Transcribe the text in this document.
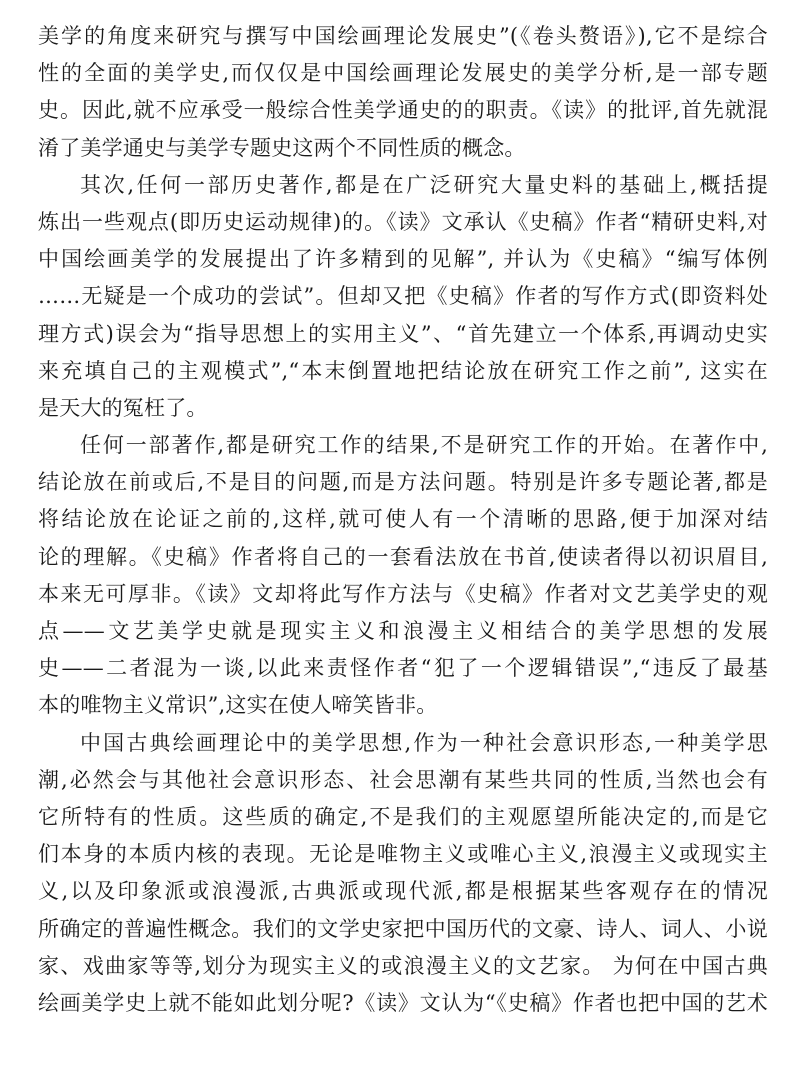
美学的角度来研究与撰写中国绘画理论发展史”(《卷头赘语》),它不是综合
性的全面的美学史,而仅仅是中国绘画理论发展史的美学分析,是一部专题
史。因此,就不应承受一般综合性美学通史的的职责。《读》的批评,首先就混
淆了美学通史与美学专题史这两个不同性质的概念。
其次,任何一部历史著作,都是在广泛研究大量史料的基础上,概括提
炼出一些观点(即历史运动规律)的。《读》文承认《史稿》作者“精研史料,对
中国绘画美学的发展提出了许多精到的见解”, 并认为《史稿》“编写体例
……无疑是一个成功的尝试”。但却又把《史稿》作者的写作方式(即资料处
理方式)误会为“指导思想上的实用主义”、“首先建立一个体系,再调动史实
来充填自己的主观模式”,“本末倒置地把结论放在研究工作之前”, 这实在
是天大的冤枉了。
任何一部著作,都是研究工作的结果,不是研究工作的开始。在著作中,
结论放在前或后,不是目的问题,而是方法问题。特别是许多专题论著,都是
将结论放在论证之前的,这样,就可使人有一个清晰的思路,便于加深对结
论的理解。《史稿》作者将自己的一套看法放在书首,使读者得以初识眉目,
本来无可厚非。《读》文却将此写作方法与《史稿》作者对文艺美学史的观
点——文艺美学史就是现实主义和浪漫主义相结合的美学思想的发展
史——二者混为一谈,以此来责怪作者“犯了一个逻辑错误”,“违反了最基
本的唯物主义常识”,这实在使人啼笑皆非。
中国古典绘画理论中的美学思想,作为一种社会意识形态,一种美学思
潮,必然会与其他社会意识形态、社会思潮有某些共同的性质,当然也会有
它所特有的性质。这些质的确定,不是我们的主观愿望所能决定的,而是它
们本身的本质内核的表现。无论是唯物主义或唯心主义,浪漫主义或现实主
义,以及印象派或浪漫派,古典派或现代派,都是根据某些客观存在的情况
所确定的普遍性概念。我们的文学史家把中国历代的文豪、诗人、词人、小说
家、戏曲家等等,划分为现实主义的或浪漫主义的文艺家。 为何在中国古典
绘画美学史上就不能如此划分呢?《读》文认为“《史稿》作者也把中国的艺术
